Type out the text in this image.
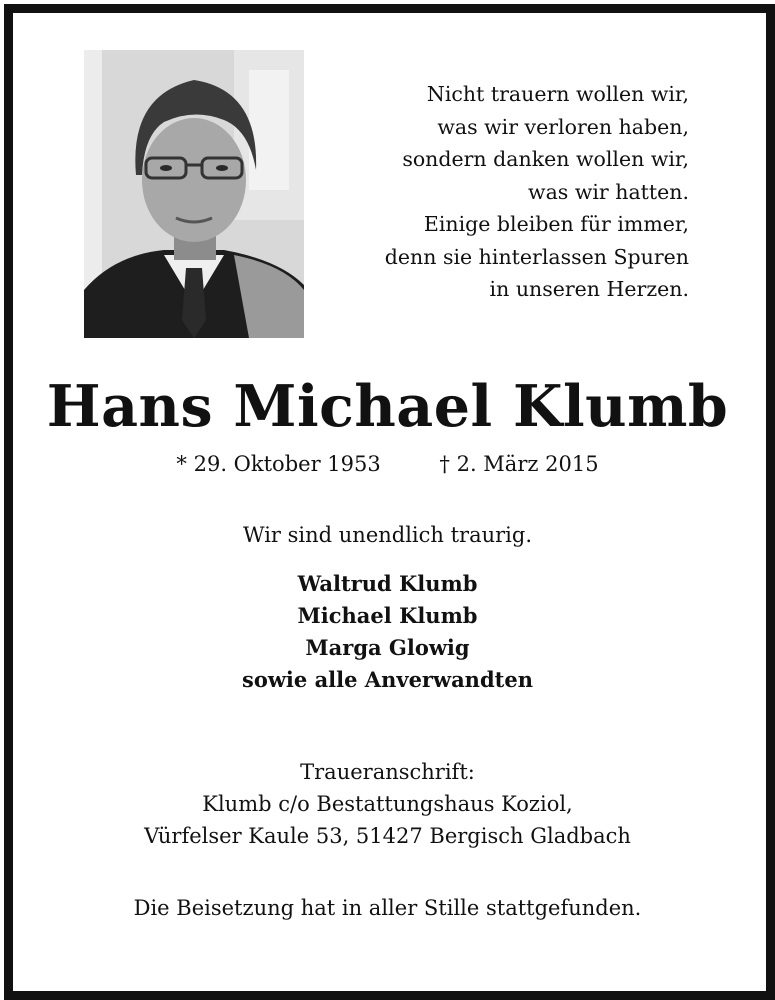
Nicht trauern wollen wir,
was wir verloren haben,
sondern danken wollen wir,
was wir hatten.
Einige bleiben für immer,
denn sie hinterlassen Spuren
in unseren Herzen.
Hans Michael Klumb
* 29. Oktober 1953	† 2. März 2015
Wir sind unendlich traurig.
Waltrud Klumb
Michael Klumb
Marga Glowig
sowie alle Anverwandten
Traueranschrift:
Klumb c/o Bestattungshaus Koziol,
Vürfelser Kaule 53, 51427 Bergisch Gladbach
Die Beisetzung hat in aller Stille stattgefunden.
